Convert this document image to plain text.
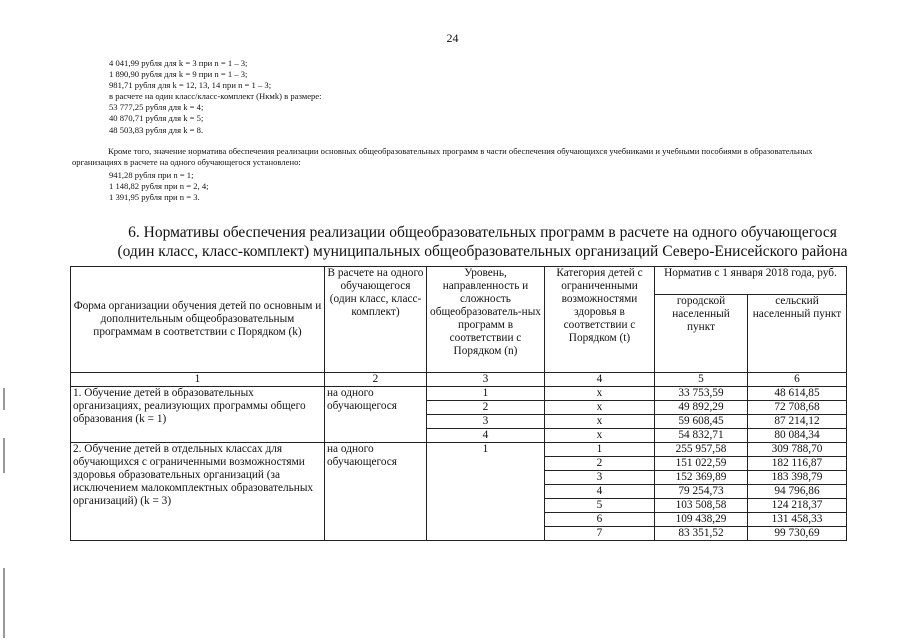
24
4 041,99 рубля для k = 3 при n = 1 – 3;
1 890,90 рубля для k = 9 при n = 1 – 3;
981,71 рубля для k = 12, 13, 14 при n = 1 – 3;
в расчете на один класс/класс-комплект (Нкмk) в размере:
53 777,25 рубля для k = 4;
40 870,71 рубля для k = 5;
48 503,83 рубля для k = 8.
Кроме того, значение норматива обеспечения реализации основных общеобразовательных программ в части обеспечения обучающихся учебниками и учебными пособиями в образовательных организациях в расчете на одного обучающегося установлено:
941,28 рубля при n = 1;
1 148,82 рубля при n = 2, 4;
1 391,95 рубля при n = 3.
6. Нормативы обеспечения реализации общеобразовательных программ в расчете на одного обучающегося
(один класс, класс-комплект) муниципальных общеобразовательных организаций Северо-Енисейского района
Форма организации обучения детей по основным и дополнительным общеобразовательным программам в соответствии с Порядком (k)	В расчете на одного обучающегося (один класс, класс-комплект)	Уровень, направленность и сложность общеобразователь-ных программ в соответствии с Порядком (n)	Категория детей с ограниченными возможностями здоровья в соответствии с Порядком (t)	Норматив с 1 января 2018 года, руб.	
				городской населенный пункт	сельский населенный пункт
1	2	3	4	5	6
1. Обучение детей в образовательных организациях, реализующих программы общего образования (k = 1)	на одного обучающегося	1	х	33 753,59	48 614,85
		2	х	49 892,29	72 708,68
		3	х	59 608,45	87 214,12
		4	х	54 832,71	80 084,34
2. Обучение детей в отдельных классах для обучающихся с ограниченными возможностями здоровья образовательных организаций (за исключением малокомплектных образовательных организаций) (k = 3)	на одного обучающегося	1	1	255 957,58	309 788,70
			2	151 022,59	182 116,87
			3	152 369,89	183 398,79
			4	79 254,73	94 796,86
			5	103 508,58	124 218,37
			6	109 438,29	131 458,33
			7	83 351,52	99 730,69
